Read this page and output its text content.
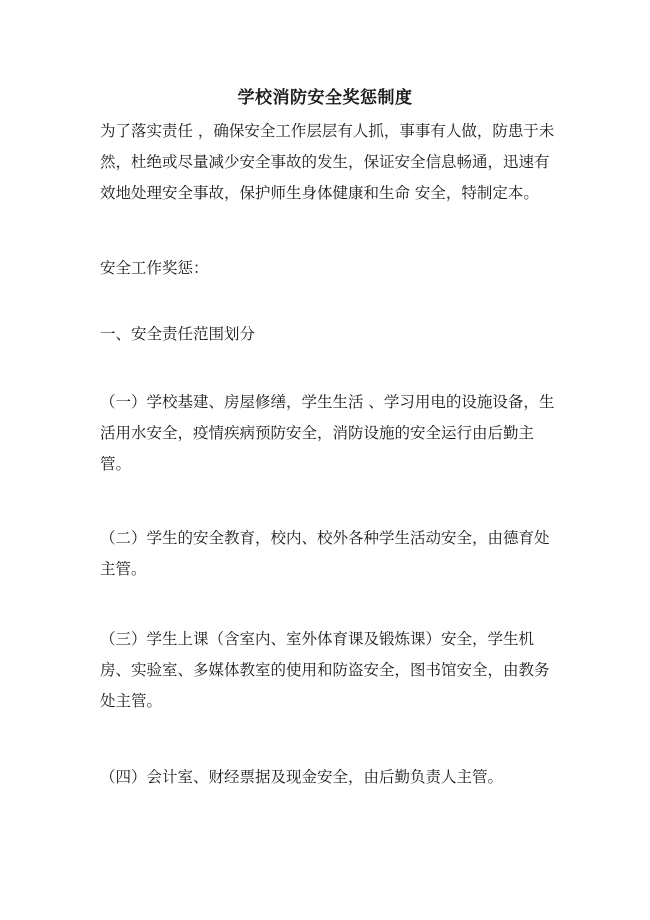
学校消防安全奖惩制度

为了落实责任 ，确保安全工作层层有人抓，事事有人做，防患于未然，杜绝或尽量减少安全事故的发生，保证安全信息畅通，迅速有效地处理安全事故，保护师生身体健康和生命 安全，特制定本。

安全工作奖惩：

一、安全责任范围划分

（一）学校基建、房屋修缮，学生生活 、学习用电的设施设备，生活用水安全，疫情疾病预防安全，消防设施的安全运行由后勤主管。

（二）学生的安全教育，校内、校外各种学生活动安全，由德育处主管。

（三）学生上课（含室内、室外体育课及锻炼课）安全，学生机房、实验室、多媒体教室的使用和防盗安全，图书馆安全，由教务处主管。

（四）会计室、财经票据及现金安全，由后勤负责人主管。
